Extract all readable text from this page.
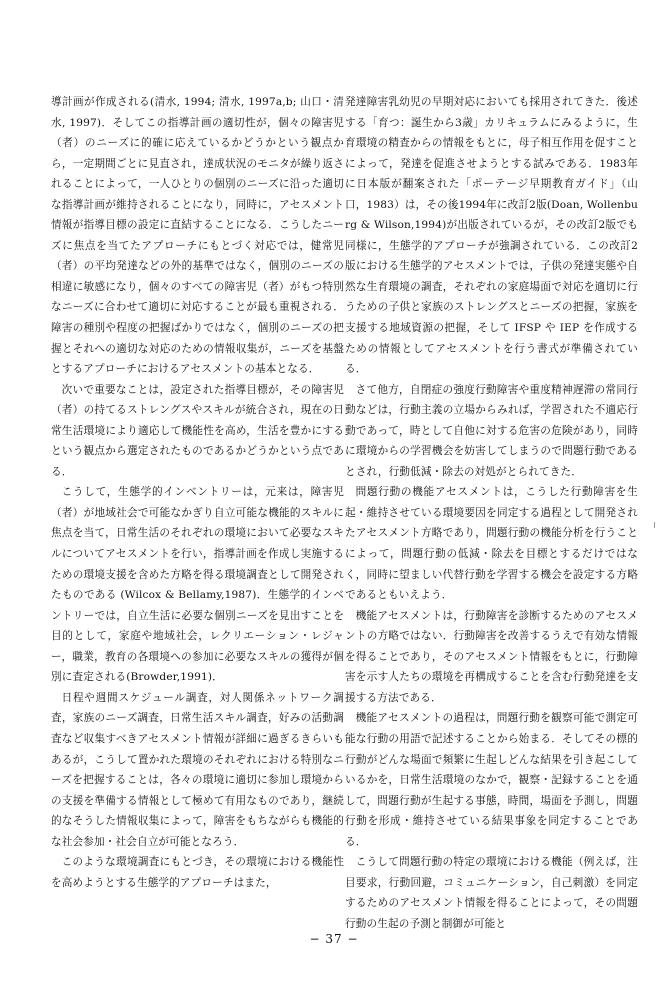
導計画が作成される(清水, 1994; 清水, 1997a,b; 山口・清水, 1997)．そしてこの指導計画の適切性が，個々の障害児（者）のニーズに的確に応えているかどうかという観点から，一定期間ごとに見直され，達成状況のモニタが繰り返されることによって，一人ひとりの個別のニーズに沿った適切な指導計画が維持されることになり，同時に，アセスメント情報が指導目標の設定に直結することになる．こうしたニーズに焦点を当てたアプローチにもとづく対応では，健常児（者）の平均発達などの外的基準ではなく，個別のニーズの相違に敏感になり，個々のすべての障害児（者）がもつ特別なニーズに合わせて適切に対応することが最も重視される．障害の種別や程度の把握ばかりではなく，個別のニーズの把握とそれへの適切な対応のための情報収集が，ニーズを基盤とするアプローチにおけるアセスメントの基本となる．

次いで重要なことは，設定された指導目標が，その障害児（者）の持てるストレングスやスキルが統合され，現在の日常生活環境により適応して機能性を高め，生活を豊かにするという観点から選定されたものであるかどうかという点である．

こうして，生態学的インベントリーは，元来は，障害児（者）が地域社会で可能なかぎり自立可能な機能的スキルに焦点を当て，日常生活のそれぞれの環境において必要なスキルについてアセスメントを行い，指導計画を作成し実施するための環境支援を含めた方略を得る環境調査として開発されたものである (Wilcox & Bellamy,1987)．生態学的インベントリーでは，自立生活に必要な個別ニーズを見出すことを目的として，家庭や地域社会，レクリエーション・レジャー，職業，教育の各環境への参加に必要なスキルの獲得が個別に査定される(Browder,1991)．

日程や週間スケジュール調査，対人関係ネットワーク調査，家族のニーズ調査，日常生活スキル調査，好みの活動調査など収集すべきアセスメント情報が詳細に過ぎるきらいもあるが，こうして置かれた環境のそれぞれにおける特別なニーズを把握することは，各々の環境に適切に参加し環境からの支援を準備する情報として極めて有用なものであり，継続的なそうした情報収集によって，障害をもちながらも機能的な社会参加・社会自立が可能となろう．

このような環境調査にもとづき，その環境における機能性を高めようとする生態学的アプローチはまた，

発達障害乳幼児の早期対応においても採用されてきた．後述する「育つ：誕生から3歳」カリキュラムにみるように，生育環境の精査からの情報をもとに，母子相互作用を促すことによって，発達を促進させようとする試みである．1983年に日本版が翻案された「ポーテージ早期教育ガイド」（山口，1983）は，その後1994年に改訂2版(Doan, Wollenburg & Wilson,1994)が出版されているが，その改訂2版でも同様に，生態学的アプローチが強調されている．この改訂2版における生態学的アセスメントでは，子供の発達実態や自然な生育環境の調査，それぞれの家庭場面で対応を適切に行うための子供と家族のストレングスとニーズの把握，家族を支援する地域資源の把握，そして IFSP や IEP を作成するための情報としてアセスメントを行う書式が準備されている．

さて他方，自閉症の強度行動障害や重度精神遅滞の常同行動などは，行動主義の立場からみれば，学習された不適応行動であって，時として自他に対する危害の危険があり，同時に環境からの学習機会を妨害してしまうので問題行動であるとされ，行動低減・除去の対処がとられてきた．

問題行動の機能アセスメントは，こうした行動障害を生起・維持させている環境要因を同定する過程として開発されたアセスメント方略であり，問題行動の機能分析を行うことによって，問題行動の低減・除去を目標とするだけではなく，同時に望ましい代替行動を学習する機会を設定する方略であるともいえよう．

機能アセスメントは，行動障害を診断するためのアセスメントの方略ではない．行動障害を改善するうえで有効な情報を得ることであり，そのアセスメント情報をもとに，行動障害を示す人たちの環境を再構成することを含む行動発達を支援する方法である．

機能アセスメントの過程は，問題行動を観察可能で測定可能な行動の用語で記述することから始まる．そしてその標的行動がどんな場面で頻繁に生起しどんな結果を引き起こしているかを，日常生活環境のなかで，観察・記録することを通して，問題行動が生起する事態，時間，場面を予測し，問題行動を形成・維持させている結果事象を同定することである．

こうして問題行動の特定の環境における機能（例えば，注目要求，行動回避，コミュニケーション，自己刺激）を同定するためのアセスメント情報を得ることによって，その問題行動の生起の予測と制御が可能と

− 37 −
